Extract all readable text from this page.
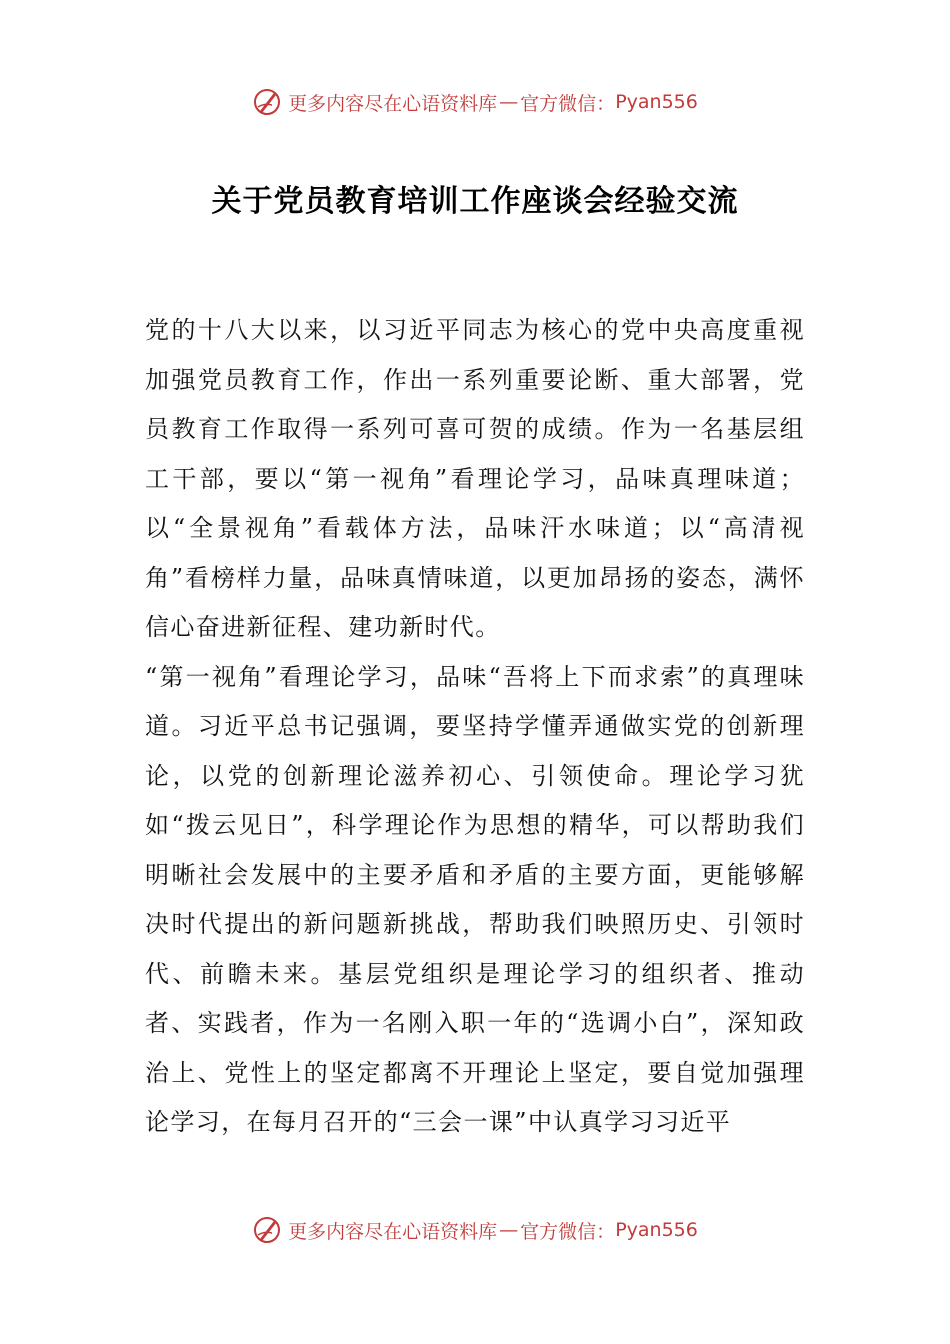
更多内容尽在心语资料库 — 官方微信： Pyan556
关于党员教育培训工作座谈会经验交流

党的十八大以来，以习近平同志为核心的党中央高度重视加强党员教育工作，作出一系列重要论断、重大部署，党员教育工作取得一系列可喜可贺的成绩。作为一名基层组工干部，要以“第一视角”看理论学习，品味真理味道；以“全景视角”看载体方法，品味汗水味道；以“高清视角”看榜样力量，品味真情味道，以更加昂扬的姿态，满怀信心奋进新征程、建功新时代。

“第一视角”看理论学习，品味“吾将上下而求索”的真理味道。习近平总书记强调，要坚持学懂弄通做实党的创新理论，以党的创新理论滋养初心、引领使命。理论学习犹如“拨云见日”，科学理论作为思想的精华，可以帮助我们明晰社会发展中的主要矛盾和矛盾的主要方面，更能够解决时代提出的新问题新挑战，帮助我们映照历史、引领时代、前瞻未来。基层党组织是理论学习的组织者、推动者、实践者，作为一名刚入职一年的“选调小白”，深知政治上、党性上的坚定都离不开理论上坚定，要自觉加强理论学习，在每月召开的“三会一课”中认真学习习近平

更多内容尽在心语资料库 — 官方微信： Pyan556
